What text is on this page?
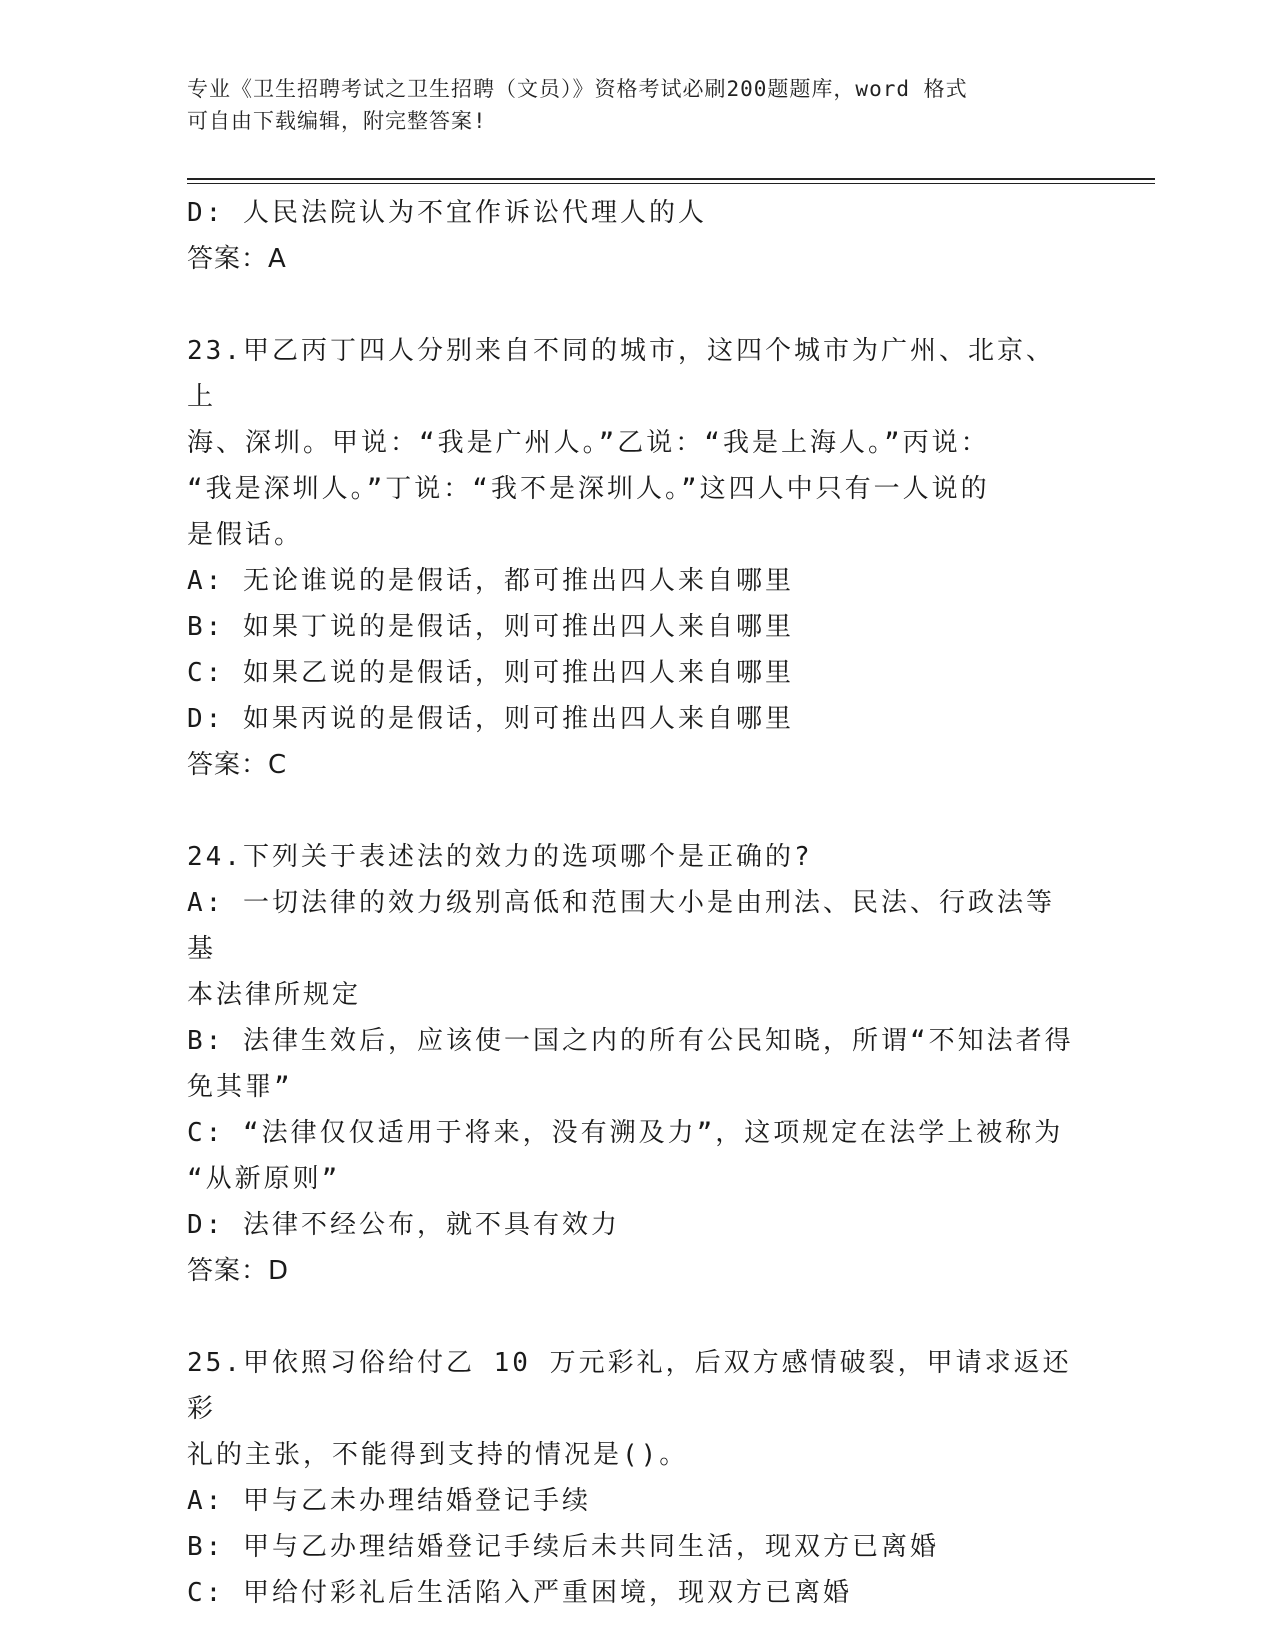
专业《卫生招聘考试之卫生招聘（文员）》资格考试必刷200题题库，word 格式
可自由下载编辑，附完整答案!

D: 人民法院认为不宜作诉讼代理人的人

答案：A

23.甲乙丙丁四人分别来自不同的城市，这四个城市为广州、北京、上

海、深圳。甲说：“我是广州人。”乙说：“我是上海人。”丙说：

“我是深圳人。”丁说：“我不是深圳人。”这四人中只有一人说的

是假话。

A: 无论谁说的是假话，都可推出四人来自哪里

B: 如果丁说的是假话，则可推出四人来自哪里

C: 如果乙说的是假话，则可推出四人来自哪里

D: 如果丙说的是假话，则可推出四人来自哪里

答案：C

24.下列关于表述法的效力的选项哪个是正确的?

A: 一切法律的效力级别高低和范围大小是由刑法、民法、行政法等基

本法律所规定

B: 法律生效后，应该使一国之内的所有公民知晓，所谓“不知法者得

免其罪”

C: “法律仅仅适用于将来，没有溯及力”，这项规定在法学上被称为

“从新原则”

D: 法律不经公布，就不具有效力

答案：D

25.甲依照习俗给付乙 10 万元彩礼，后双方感情破裂，甲请求返还彩

礼的主张，不能得到支持的情况是()。

A: 甲与乙未办理结婚登记手续

B: 甲与乙办理结婚登记手续后未共同生活，现双方已离婚

C: 甲给付彩礼后生活陷入严重困境，现双方已离婚
